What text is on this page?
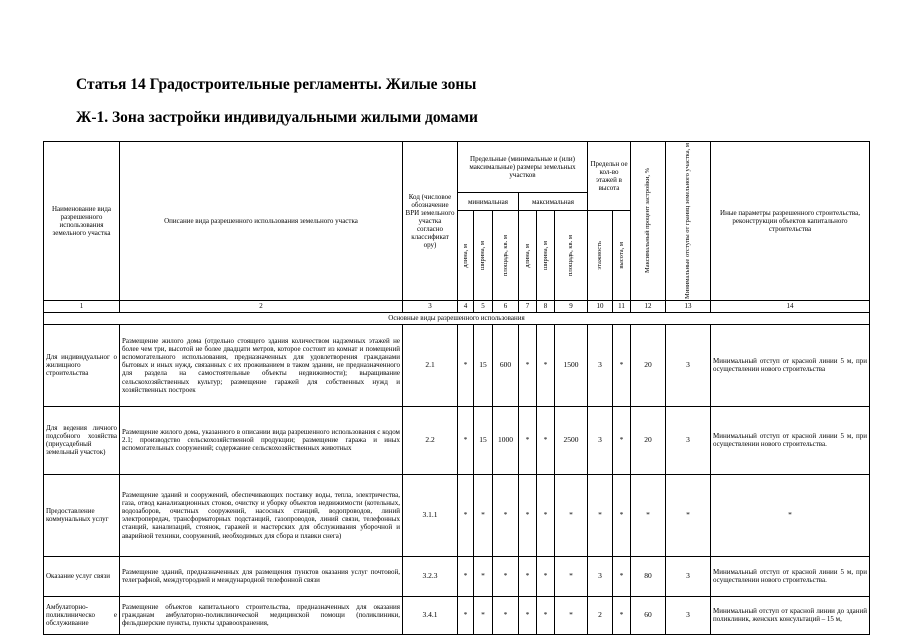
Статья 14 Градостроительные регламенты. Жилые зоны
Ж-1. Зона застройки индивидуальными жилыми домами
Наименование вида разрешенного использования земельного участка	Описание вида разрешенного использования земельного участка	Код (числовое обозначение ВРИ земельного участка согласно классификат ору)	Предельные (минимальные и (или) максимальные) размеры земельных участков						Предельн ое кол-во этажей в высота		Максимальный процент застройки, %	Минимальные отступы от границ земельного участка, м	Иные параметры разрешенного строительства, реконструкции объектов капитального строительства
			минимальная			максимальная							

			длина, м	ширина, м	площадь, кв. м	длина, м	ширина, м	площадь, кв. м	этажность	высота, м			

1	2	3	4	5	6	7	8	9	10	11	12	13	14
Основные виды разрешенного использования													
Для индивидуальног о жилищного строительства	Размещение жилого дома (отдельно стоящего здания количеством надземных этажей не более чем три, высотой не более двадцати метров, которое состоит из комнат и помещений вспомогательного использования, предназначенных для удовлетворения гражданами бытовых и иных нужд, связанных с их проживанием в таком здании, не предназначенного для раздела на самостоятельные объекты недвижимости); выращивание сельскохозяйственных культур; размещение гаражей для собственных нужд и хозяйственных построек	2.1	*	15	600	*	*	1500	3	*	20	3	Минимальный отступ от красной линии 5 м, при осуществлении нового строительства
Для ведения личного подсобного хозяйства (приусадебный земельный участок)	Размещение жилого дома, указанного в описании вида разрешенного использования с кодом 2.1; производство сельскохозяйственной продукции; размещение гаража и иных вспомогательных сооружений; содержание сельскохозяйственных животных	2.2	*	15	1000	*	*	2500	3	*	20	3	Минимальный отступ от красной линии 5 м, при осуществлении нового строительства.
Предоставление коммунальных услуг	Размещение зданий и сооружений, обеспечивающих поставку воды, тепла, электричества, газа, отвод канализационных стоков, очистку и уборку объектов недвижимости (котельных, водозаборов, очистных сооружений, насосных станций, водопроводов, линий электропередач, трансформаторных подстанций, газопроводов, линий связи, телефонных станций, канализаций, стоянок, гаражей и мастерских для обслуживания уборочной и аварийной техники, сооружений, необходимых для сбора и плавки снега)	3.1.1	*	*	*	*	*	*	*	*	*	*	*
Оказание услуг связи	Размещение зданий, предназначенных для размещения пунктов оказания услуг почтовой, телеграфной, междугородней и международной телефонной связи	3.2.3	*	*	*	*	*	*	3	*	80	3	Минимальный отступ от красной линии 5 м, при осуществлении нового строительства.
Амбулаторно-поликлиническо е обслуживание	Размещение объектов капитального строительства, предназначенных для оказания гражданам амбулаторно-поликлинической медицинской помощи (поликлиники, фельдшерские пункты, пункты здравоохранения,	3.4.1	*	*	*	*	*	*	2	*	60	3	Минимальный отступ от красной линии до зданий поликлиник, женских консультаций – 15 м,
